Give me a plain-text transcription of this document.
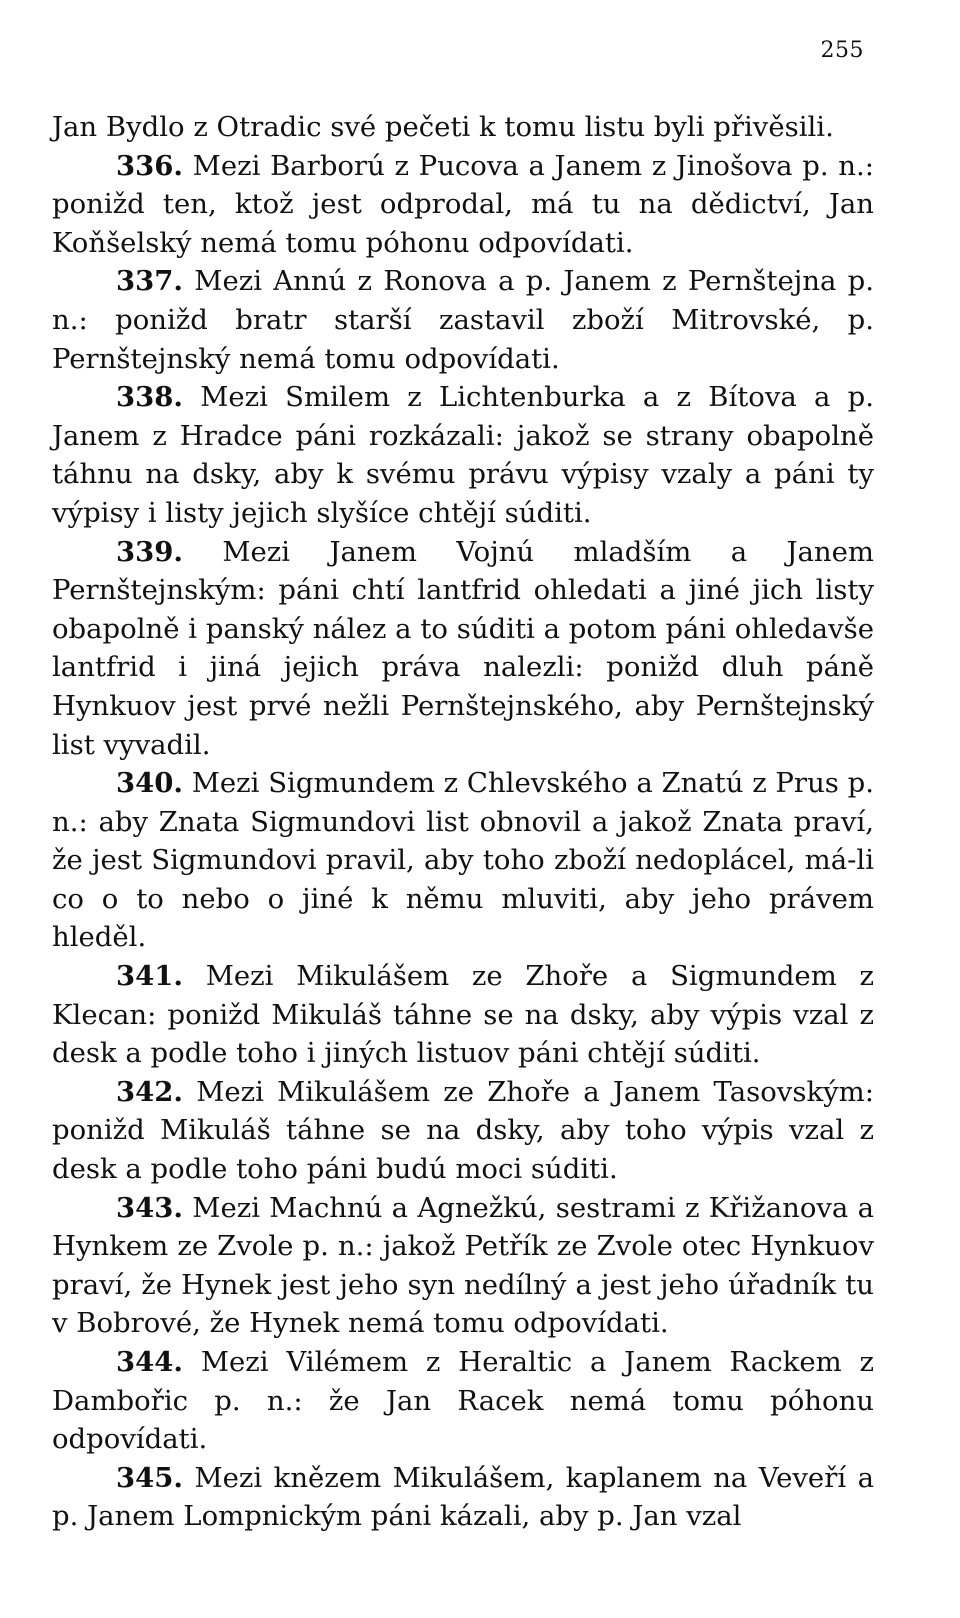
255

Jan Bydlo z Otradic své pečeti k tomu listu byli přivěsili.

336. Mezi Barború z Pucova a Janem z Jinošova p. n.: ponižd ten, ktož jest odprodal, má tu na dědictví, Jan Koňšelský nemá tomu póhonu odpovídati.

337. Mezi Annú z Ronova a p. Janem z Pernštejna p. n.: ponižd bratr starší zastavil zboží Mitrovské, p. Pernštejnský nemá tomu odpovídati.

338. Mezi Smilem z Lichtenburka a z Bítova a p. Janem z Hradce páni rozkázali: jakož se strany obapolně táhnu na dsky, aby k svému právu výpisy vzaly a páni ty výpisy i listy jejich slyšíce chtějí súditi.

339. Mezi Janem Vojnú mladším a Janem Pernštejnským: páni chtí lantfrid ohledati a jiné jich listy obapolně i panský nález a to súditi a potom páni ohledavše lantfrid i jiná jejich práva nalezli: ponižd dluh páně Hynkuov jest prvé nežli Pernštejnského, aby Pernštejnský list vyvadil.

340. Mezi Sigmundem z Chlevského a Znatú z Prus p. n.: aby Znata Sigmundovi list obnovil a jakož Znata praví, že jest Sigmundovi pravil, aby toho zboží nedoplácel, má-li co o to nebo o jiné k němu mluviti, aby jeho právem hleděl.

341. Mezi Mikulášem ze Zhoře a Sigmundem z Klecan: ponižd Mikuláš táhne se na dsky, aby výpis vzal z desk a podle toho i jiných listuov páni chtějí súditi.

342. Mezi Mikulášem ze Zhoře a Janem Tasovským: ponižd Mikuláš táhne se na dsky, aby toho výpis vzal z desk a podle toho páni budú moci súditi.

343. Mezi Machnú a Agnežkú, sestrami z Křižanova a Hynkem ze Zvole p. n.: jakož Petřík ze Zvole otec Hynkuov praví, že Hynek jest jeho syn nedílný a jest jeho úřadník tu v Bobrové, že Hynek nemá tomu odpovídati.

344. Mezi Vilémem z Heraltic a Janem Rackem z Dambořic p. n.: že Jan Racek nemá tomu póhonu odpovídati.

345. Mezi knězem Mikulášem, kaplanem na Veveří a p. Janem Lompnickým páni kázali, aby p. Jan vzal
